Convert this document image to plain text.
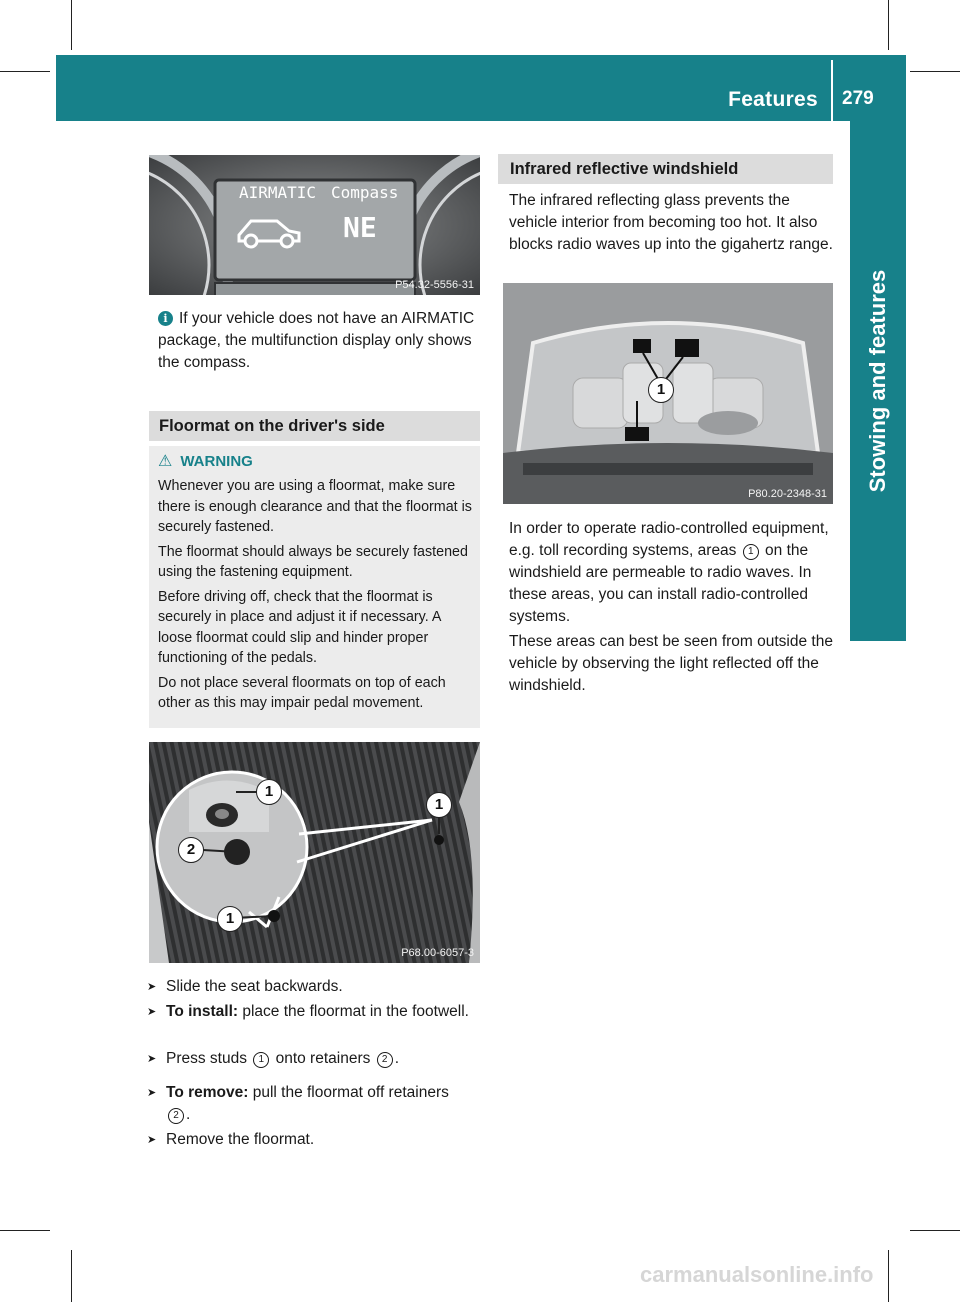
Features 279
Stowing and features
AIRMATIC Compass
NE
P54.32-5556-31
i If your vehicle does not have an AIRMATIC package, the multifunction display only shows the compass.
Floormat on the driver's side
⚠ WARNING

Whenever you are using a floormat, make sure there is enough clearance and that the floormat is securely fastened.

The floormat should always be securely fastened using the fastening equipment.

Before driving off, check that the floormat is securely in place and adjust it if necessary. A loose floormat could slip and hinder proper functioning of the pedals.

Do not place several floormats on top of each other as this may impair pedal movement.

1
1
2
1
P68.00-6057-3
➤ Slide the seat backwards.
➤ To install: place the floormat in the footwell.
➤ Press studs 1 onto retainers 2 .
➤ To remove: pull the floormat off retainers 2 .
➤ Remove the floormat.
Infrared reflective windshield
The infrared reflecting glass prevents the vehicle interior from becoming too hot. It also blocks radio waves up into the gigahertz range.
1
P80.20-2348-31
In order to operate radio-controlled equipment, e.g. toll recording systems, areas 1 on the windshield are permeable to radio waves. In these areas, you can install radio-controlled systems.
These areas can best be seen from outside the vehicle by observing the light reflected off the windshield.
carmanualsonline.info
